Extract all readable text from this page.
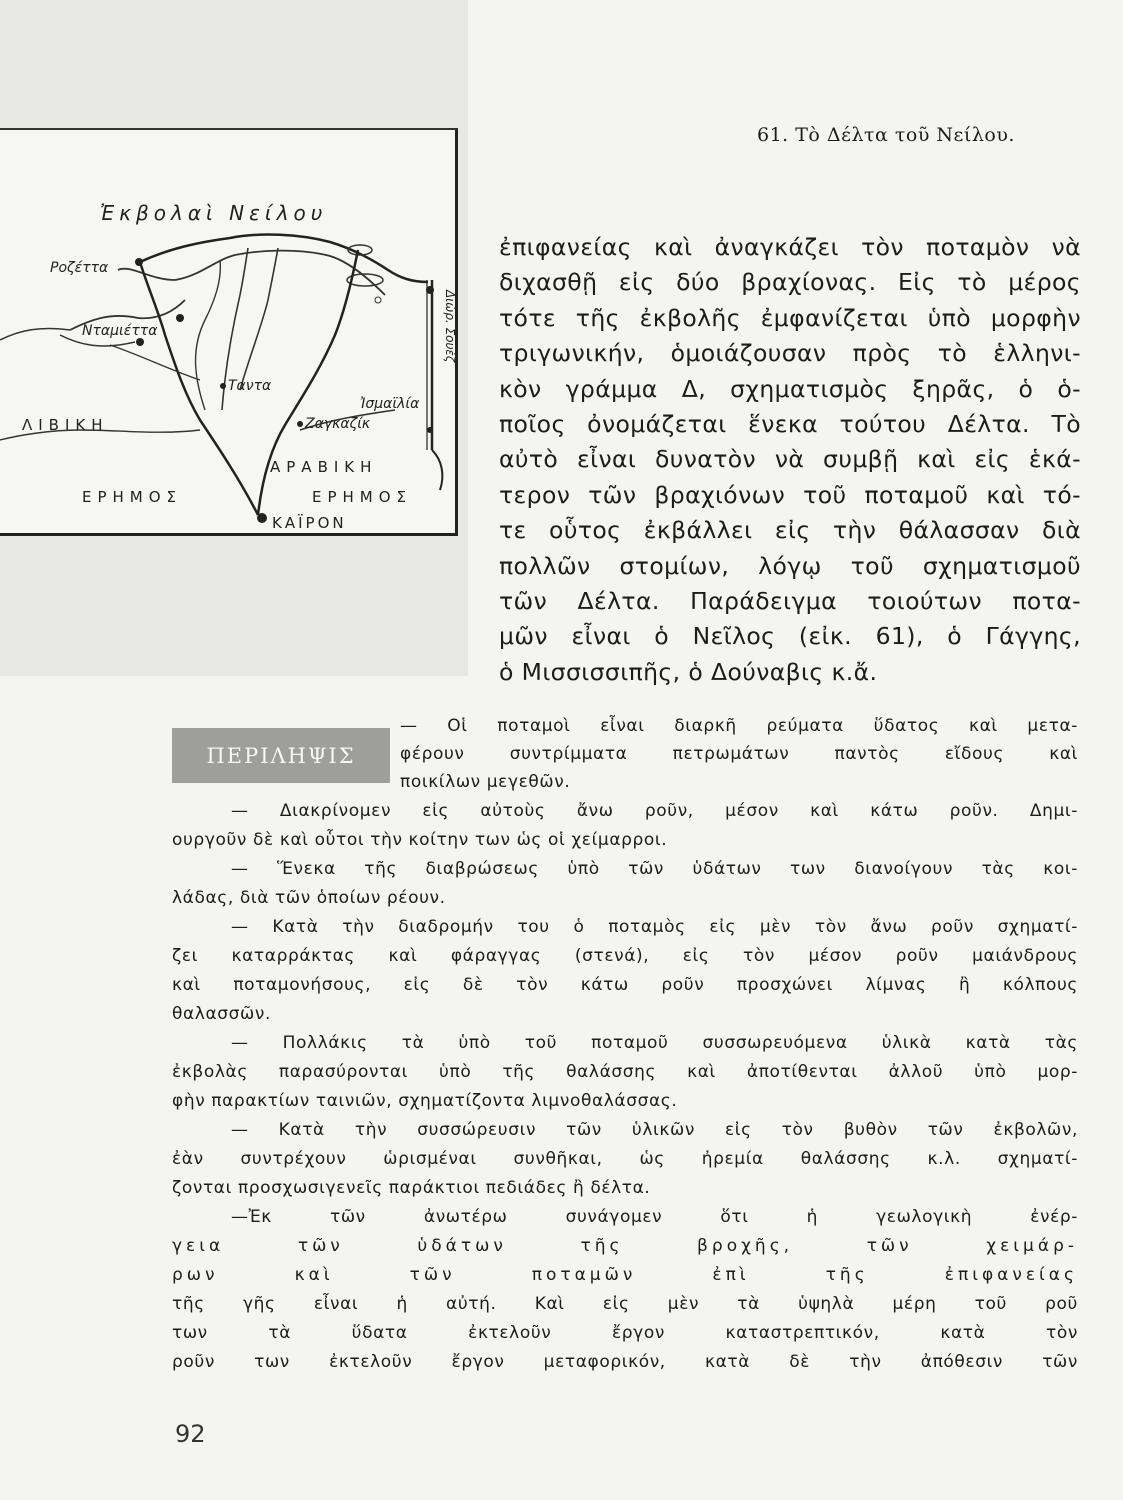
Ἐκβολαὶ Νείλου
Ροζέττα
Νταμιέττα
Ταντα
Ἰσμαϊλία
Ζαγκαζίκ
Διώρ. Σουέζ
ΛΙΒΙΚΗ
ΕΡΗΜΟΣ
ΑΡΑΒΙΚΗ
ΕΡΗΜΟΣ
ΚΑΪΡΟΝ
61. Τὸ Δέλτα τοῦ Νείλου.
ἐπιφανείας καὶ ἀναγκάζει τὸν ποταμὸν νὰ
διχασθῇ εἰς δύο βραχίονας. Εἰς τὸ μέρος
τότε τῆς ἐκβολῆς ἐμφανίζεται ὑπὸ μορφὴν
τριγωνικήν, ὁμοιάζουσαν πρὸς τὸ ἑλληνι-
κὸν γράμμα Δ, σχηματισμὸς ξηρᾶς, ὁ ὁ-
ποῖος ὀνομάζεται ἕνεκα τούτου Δέλτα. Τὸ
αὐτὸ εἶναι δυνατὸν νὰ συμβῇ καὶ εἰς ἑκά-
τερον τῶν βραχιόνων τοῦ ποταμοῦ καὶ τό-
τε οὗτος ἐκβάλλει εἰς τὴν θάλασσαν διὰ
πολλῶν στομίων, λόγῳ τοῦ σχηματισμοῦ
τῶν Δέλτα. Παράδειγμα τοιούτων ποτα-
μῶν εἶναι ὁ Νεῖλος (εἰκ. 61), ὁ Γάγγης,
ὁ Μισσισσιπῆς, ὁ Δούναβις κ.ἄ.
ΠΕΡΙΛΗΨΙΣ
— Οἱ ποταμοὶ εἶναι διαρκῆ ρεύματα ὕδατος καὶ μετα-
φέρουν συντρίμματα πετρωμάτων παντὸς εἴδους καὶ
ποικίλων μεγεθῶν.
— Διακρίνομεν εἰς αὐτοὺς ἄνω ροῦν, μέσον καὶ κάτω ροῦν. Δημι-
ουργοῦν δὲ καὶ οὗτοι τὴν κοίτην των ὡς οἱ χείμαρροι.
— Ἕνεκα τῆς διαβρώσεως ὑπὸ τῶν ὑδάτων των διανοίγουν τὰς κοι-
λάδας, διὰ τῶν ὁποίων ρέουν.
— Κατὰ τὴν διαδρομήν του ὁ ποταμὸς εἰς μὲν τὸν ἄνω ροῦν σχηματί-
ζει καταρράκτας καὶ φάραγγας (στενά), εἰς τὸν μέσον ροῦν μαιάνδρους
καὶ ποταμονήσους, εἰς δὲ τὸν κάτω ροῦν προσχώνει λίμνας ἢ κόλπους
θαλασσῶν.
— Πολλάκις τὰ ὑπὸ τοῦ ποταμοῦ συσσωρευόμενα ὑλικὰ κατὰ τὰς
ἐκβολὰς παρασύρονται ὑπὸ τῆς θαλάσσης καὶ ἀποτίθενται ἀλλοῦ ὑπὸ μορ-
φὴν παρακτίων ταινιῶν, σχηματίζοντα λιμνοθαλάσσας.
— Κατὰ τὴν συσσώρευσιν τῶν ὑλικῶν εἰς τὸν βυθὸν τῶν ἐκβολῶν,
ἐὰν συντρέχουν ὡρισμέναι συνθῆκαι, ὡς ἠρεμία θαλάσσης κ.λ. σχηματί-
ζονται προσχωσιγενεῖς παράκτιοι πεδιάδες ἢ δέλτα.
—Ἐκ τῶν ἀνωτέρω συνάγομεν ὅτι ἡ γεωλογικὴ ἐνέρ-
γεια τῶν ὑδάτων τῆς βροχῆς, τῶν χειμάρ-
ρων καὶ τῶν ποταμῶν ἐπὶ τῆς ἐπιφανείας
τῆς γῆς εἶναι ἡ αὐτή. Καὶ εἰς μὲν τὰ ὑψηλὰ μέρη τοῦ ροῦ
των τὰ ὕδατα ἐκτελοῦν ἔργον καταστρεπτικόν, κατὰ τὸν
ροῦν των ἐκτελοῦν ἔργον μεταφορικόν, κατὰ δὲ τὴν ἀπόθεσιν τῶν
92
